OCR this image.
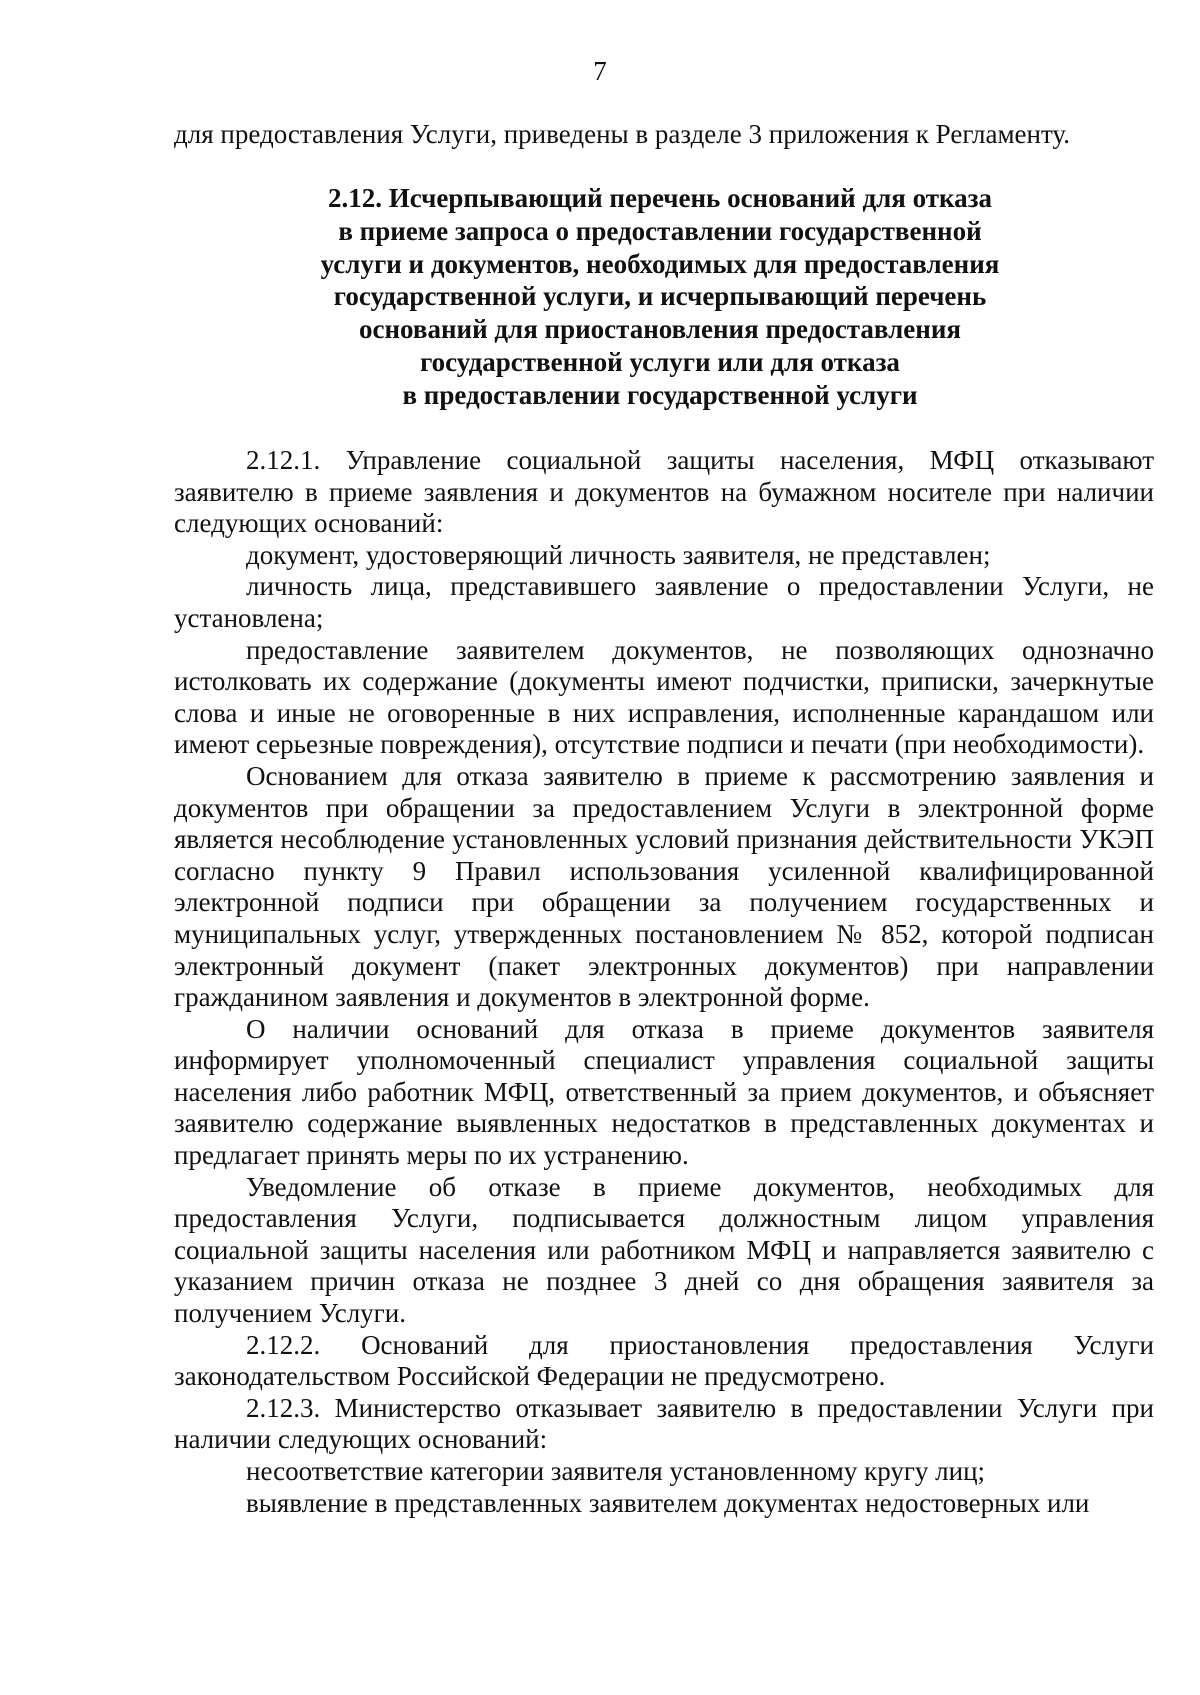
7
для предоставления Услуги, приведены в разделе 3 приложения к Регламенту.
2.12. Исчерпывающий перечень оснований для отказа
в приеме запроса о предоставлении государственной
услуги и документов, необходимых для предоставления
государственной услуги, и исчерпывающий перечень
оснований для приостановления предоставления
государственной услуги или для отказа
в предоставлении государственной услуги

2.12.1. Управление социальной защиты населения, МФЦ отказывают заявителю в приеме заявления и документов на бумажном носителе при наличии следующих оснований:

документ, удостоверяющий личность заявителя, не представлен;

личность лица, представившего заявление о предоставлении Услуги, не установлена;

предоставление заявителем документов, не позволяющих однозначно истолковать их содержание (документы имеют подчистки, приписки, зачеркнутые слова и иные не оговоренные в них исправления, исполненные карандашом или имеют серьезные повреждения), отсутствие подписи и печати (при необходимости).

Основанием для отказа заявителю в приеме к рассмотрению заявления и документов при обращении за предоставлением Услуги в электронной форме является несоблюдение установленных условий признания действительности УКЭП согласно пункту 9 Правил использования усиленной квалифицированной электронной подписи при обращении за получением государственных и муниципальных услуг, утвержденных постановлением № 852, которой подписан электронный документ (пакет электронных документов) при направлении гражданином заявления и документов в электронной форме.

О наличии оснований для отказа в приеме документов заявителя информирует уполномоченный специалист управления социальной защиты населения либо работник МФЦ, ответственный за прием документов, и объясняет заявителю содержание выявленных недостатков в представленных документах и предлагает принять меры по их устранению.

Уведомление об отказе в приеме документов, необходимых для предоставления Услуги, подписывается должностным лицом управления социальной защиты населения или работником МФЦ и направляется заявителю с указанием причин отказа не позднее 3 дней со дня обращения заявителя за получением Услуги.

2.12.2. Оснований для приостановления предоставления Услуги законодательством Российской Федерации не предусмотрено.

2.12.3. Министерство отказывает заявителю в предоставлении Услуги при наличии следующих оснований:

несоответствие категории заявителя установленному кругу лиц;

выявление в представленных заявителем документах недостоверных или
